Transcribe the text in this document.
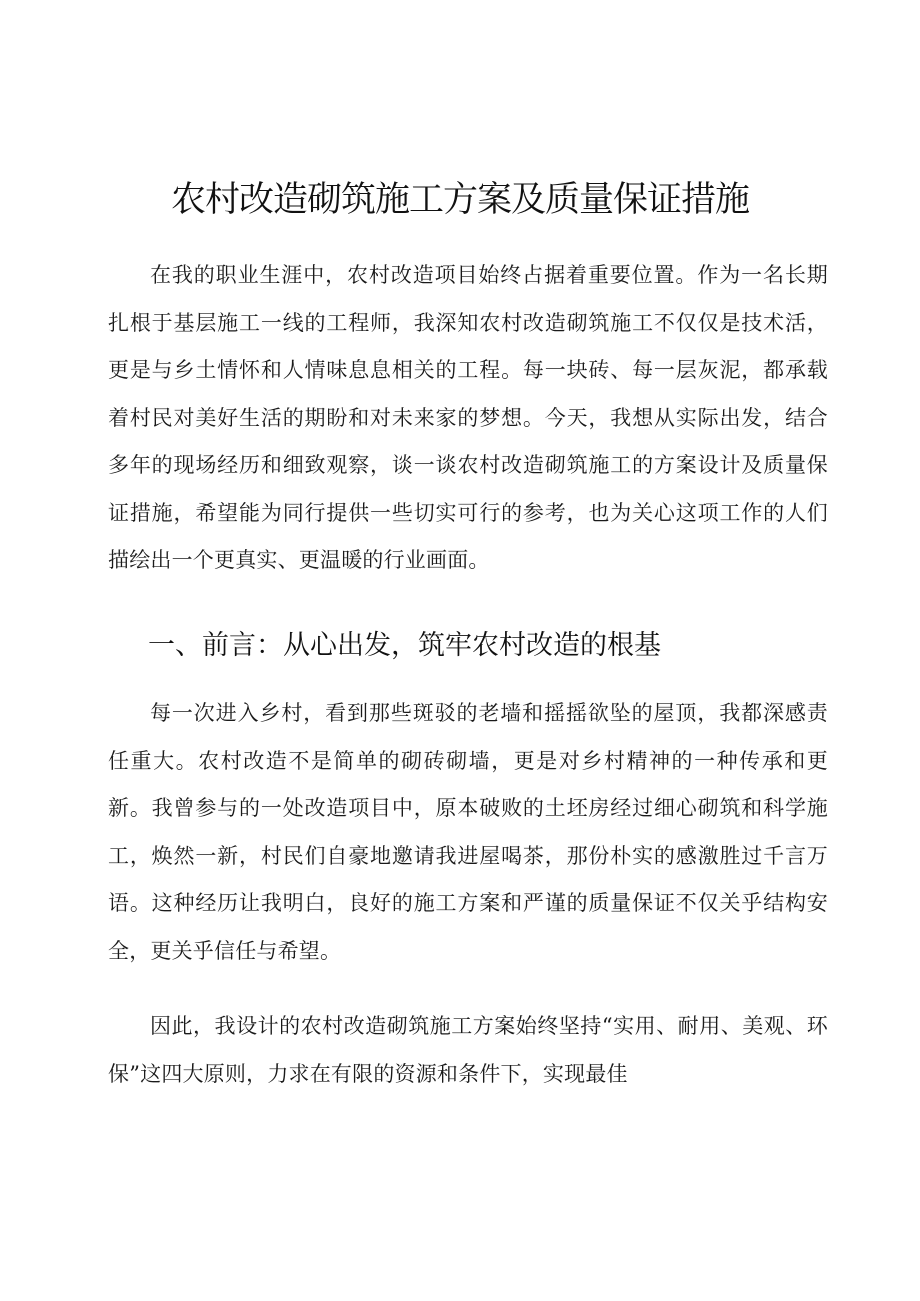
农村改造砌筑施工方案及质量保证措施

在我的职业生涯中，农村改造项目始终占据着重要位置。作为一名长期扎根于基层施工一线的工程师，我深知农村改造砌筑施工不仅仅是技术活，更是与乡土情怀和人情味息息相关的工程。每一块砖、每一层灰泥，都承载着村民对美好生活的期盼和对未来家的梦想。今天，我想从实际出发，结合多年的现场经历和细致观察，谈一谈农村改造砌筑施工的方案设计及质量保证措施，希望能为同行提供一些切实可行的参考，也为关心这项工作的人们描绘出一个更真实、更温暖的行业画面。

一、前言：从心出发，筑牢农村改造的根基

每一次进入乡村，看到那些斑驳的老墙和摇摇欲坠的屋顶，我都深感责任重大。农村改造不是简单的砌砖砌墙，更是对乡村精神的一种传承和更新。我曾参与的一处改造项目中，原本破败的土坯房经过细心砌筑和科学施工，焕然一新，村民们自豪地邀请我进屋喝茶，那份朴实的感激胜过千言万语。这种经历让我明白，良好的施工方案和严谨的质量保证不仅关乎结构安全，更关乎信任与希望。

因此，我设计的农村改造砌筑施工方案始终坚持“实用、耐用、美观、环保”这四大原则，力求在有限的资源和条件下，实现最佳
